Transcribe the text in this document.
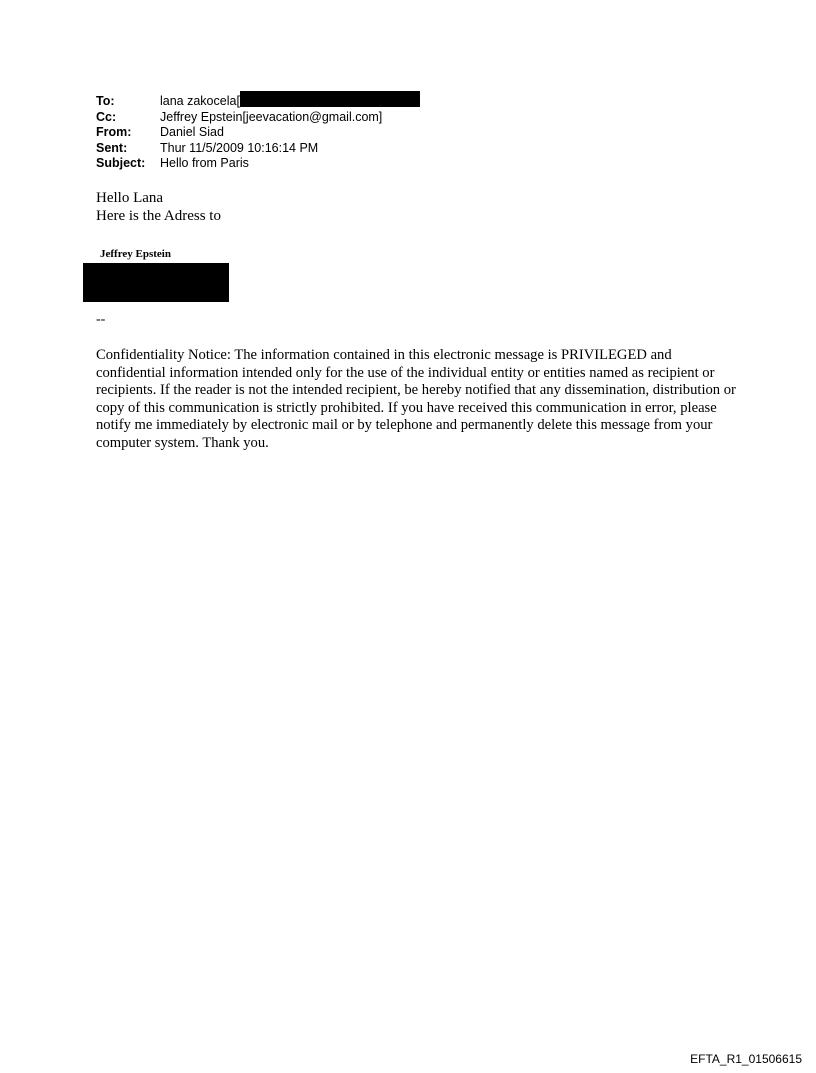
To:	lana zakocela[
Cc:	Jeffrey Epstein[jeevacation@gmail.com]
From:	Daniel Siad
Sent:	Thur 11/5/2009 10:16:14 PM
Subject:	Hello from Paris
Hello Lana
Here is the Adress to
Jeffrey Epstein
--
Confidentiality Notice: The information contained in this electronic message is PRIVILEGED and confidential information intended only for the use of the individual entity or entities named as recipient or recipients. If the reader is not the intended recipient, be hereby notified that any dissemination, distribution or copy of this communication is strictly prohibited. If you have received this communication in error, please notify me immediately by electronic mail or by telephone and permanently delete this message from your computer system. Thank you.
EFTA_R1_01506615
